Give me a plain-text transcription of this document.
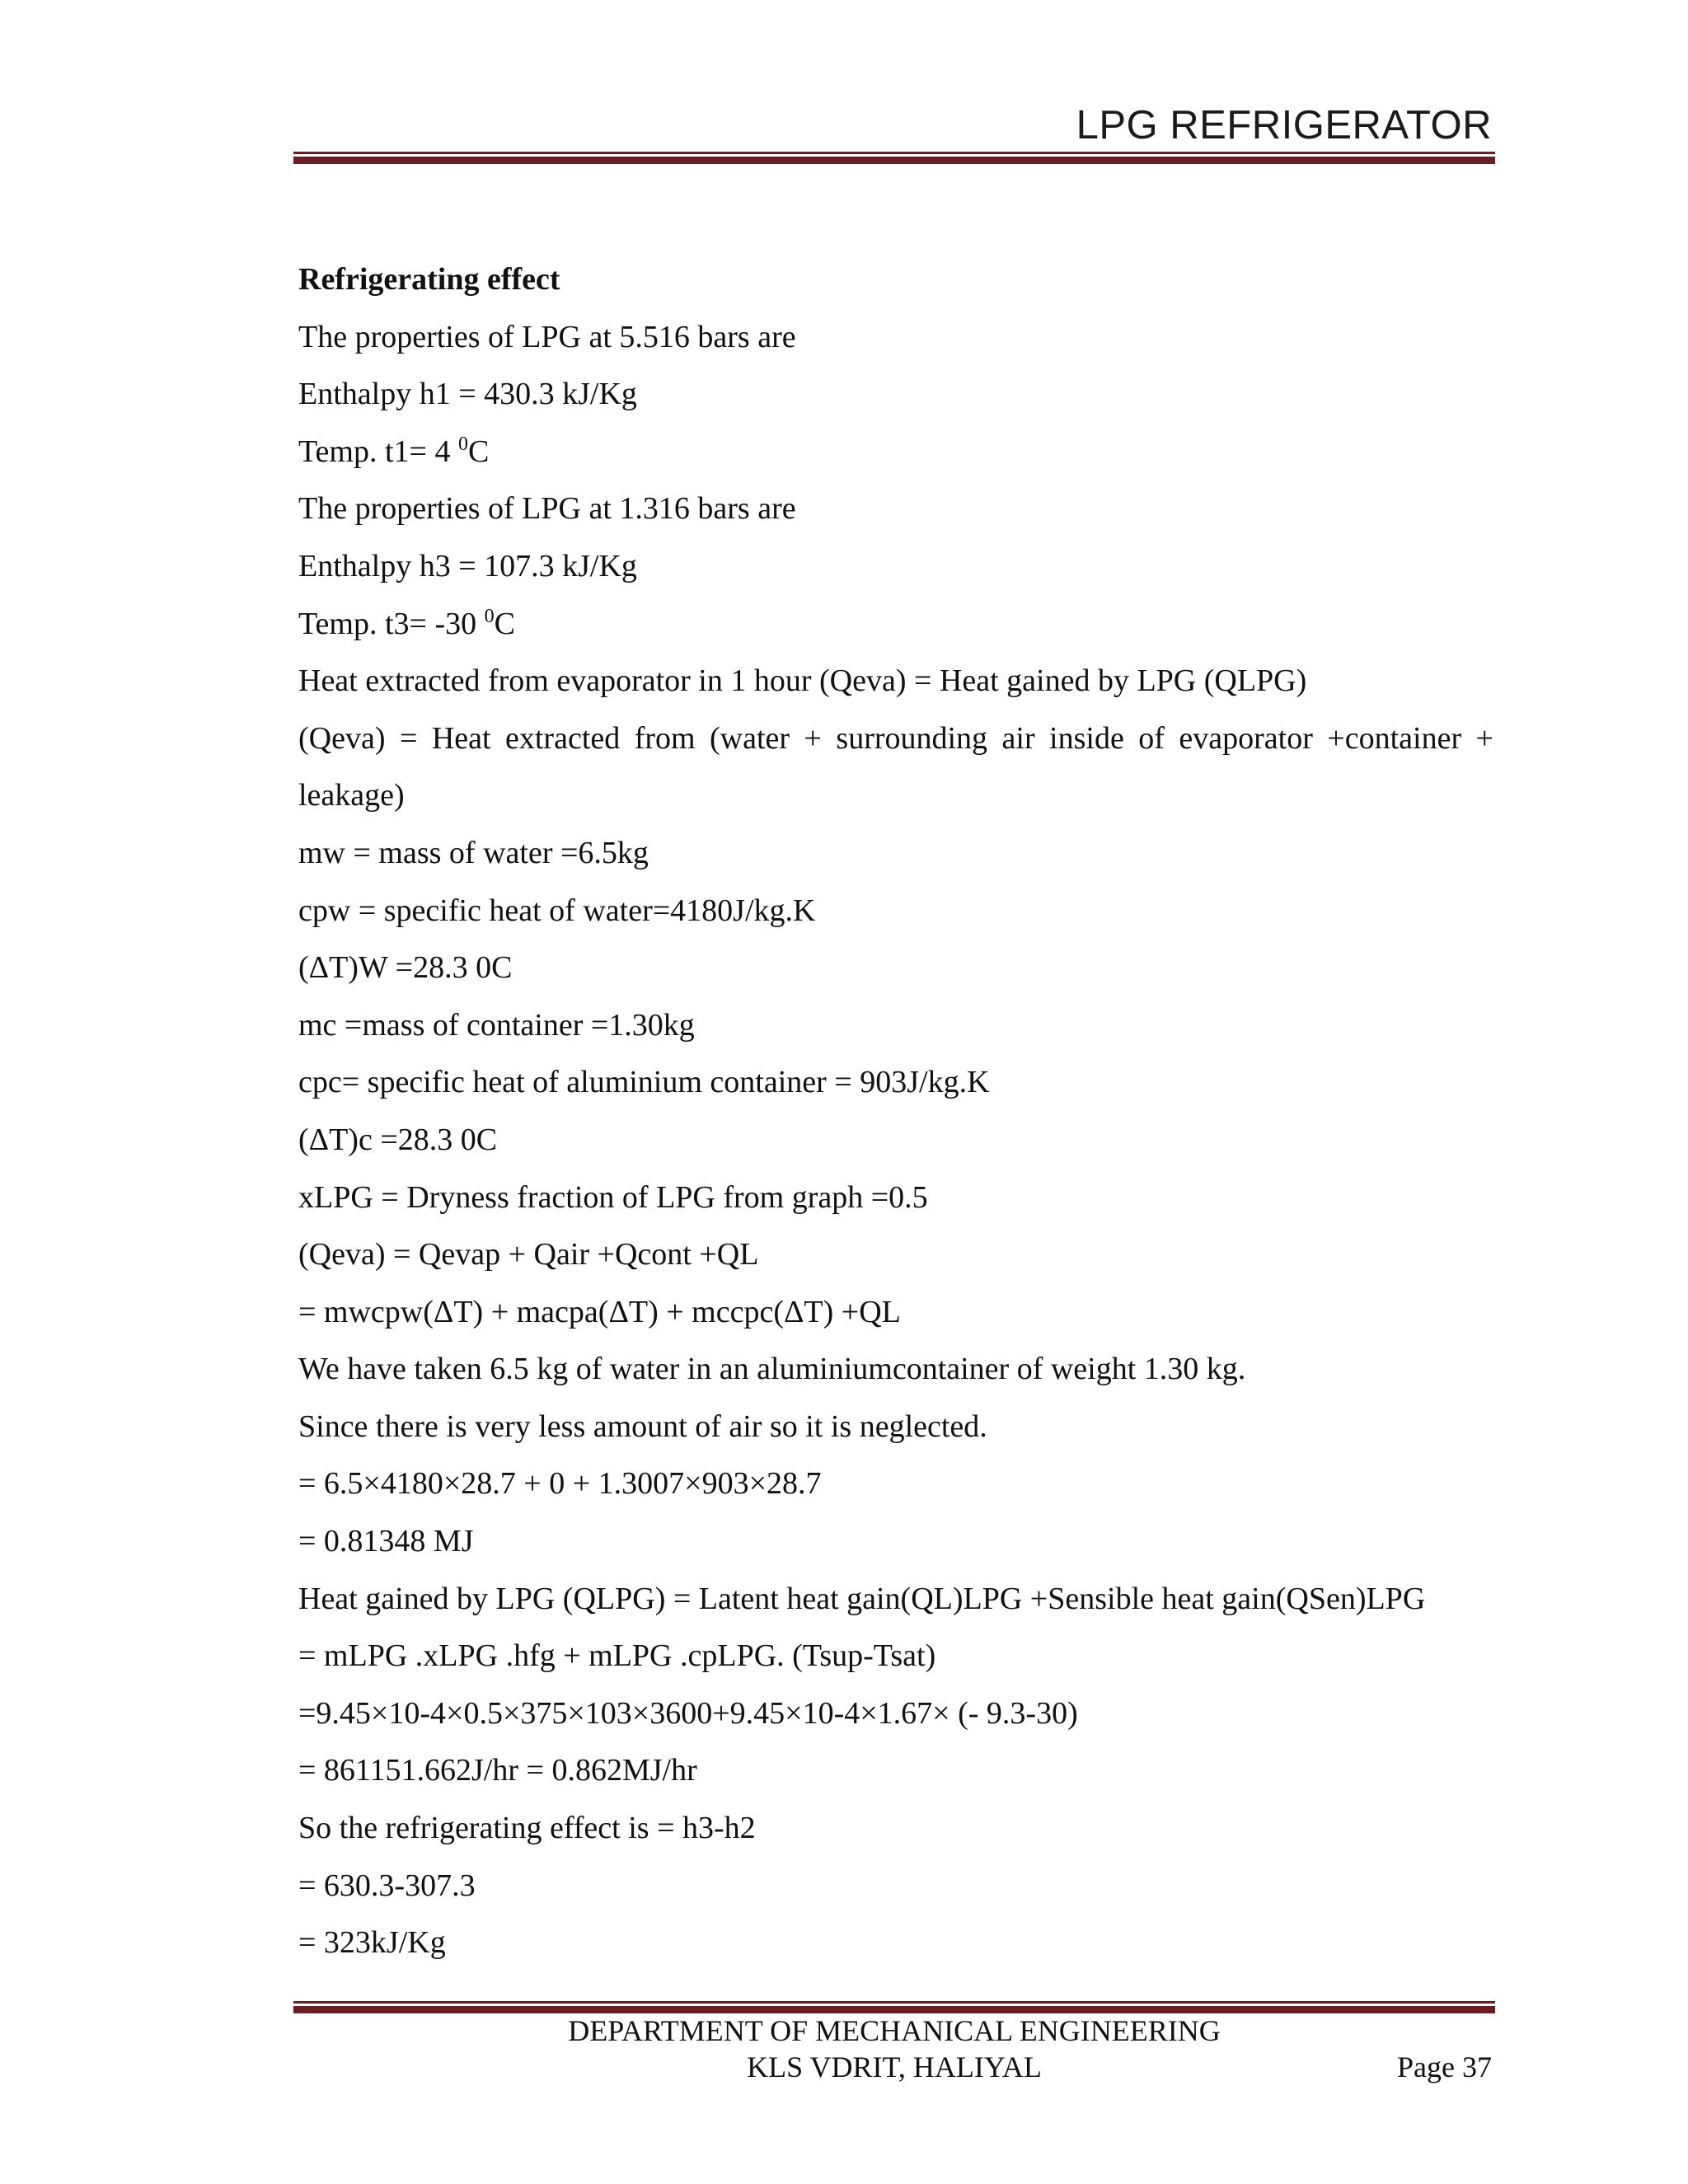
LPG REFRIGERATOR
Refrigerating effect
The properties of LPG at 5.516 bars are
Enthalpy h1 = 430.3 kJ/Kg
Temp. t1= 4 $^0$C
The properties of LPG at 1.316 bars are
Enthalpy h3 = 107.3 kJ/Kg
Temp. t3= -30 $^0$C
Heat extracted from evaporator in 1 hour (Qeva) = Heat gained by LPG (QLPG)
(Qeva) = Heat extracted from (water + surrounding air inside of evaporator +container +
leakage)
mw = mass of water =6.5kg
cpw = specific heat of water=4180J/kg.K
(ΔT)W =28.3 0C
mc =mass of container =1.30kg
cpc= specific heat of aluminium container = 903J/kg.K
(ΔT)c =28.3 0C
xLPG = Dryness fraction of LPG from graph =0.5
(Qeva) = Qevap + Qair +Qcont +QL
= mwcpw(ΔT) + macpa(ΔT) + mccpc(ΔT) +QL
We have taken 6.5 kg of water in an aluminiumcontainer of weight 1.30 kg.
Since there is very less amount of air so it is neglected.
= 6.5×4180×28.7 + 0 + 1.3007×903×28.7
= 0.81348 MJ
Heat gained by LPG (QLPG) = Latent heat gain(QL)LPG +Sensible heat gain(QSen)LPG
= mLPG .xLPG .hfg + mLPG .cpLPG. (Tsup-Tsat)
=9.45×10-4×0.5×375×103×3600+9.45×10-4×1.67× (- 9.3-30)
= 861151.662J/hr = 0.862MJ/hr
So the refrigerating effect is = h3-h2
= 630.3-307.3
= 323kJ/Kg
DEPARTMENT OF MECHANICAL ENGINEERING
KLS VDRIT, HALIYAL	Page 37
